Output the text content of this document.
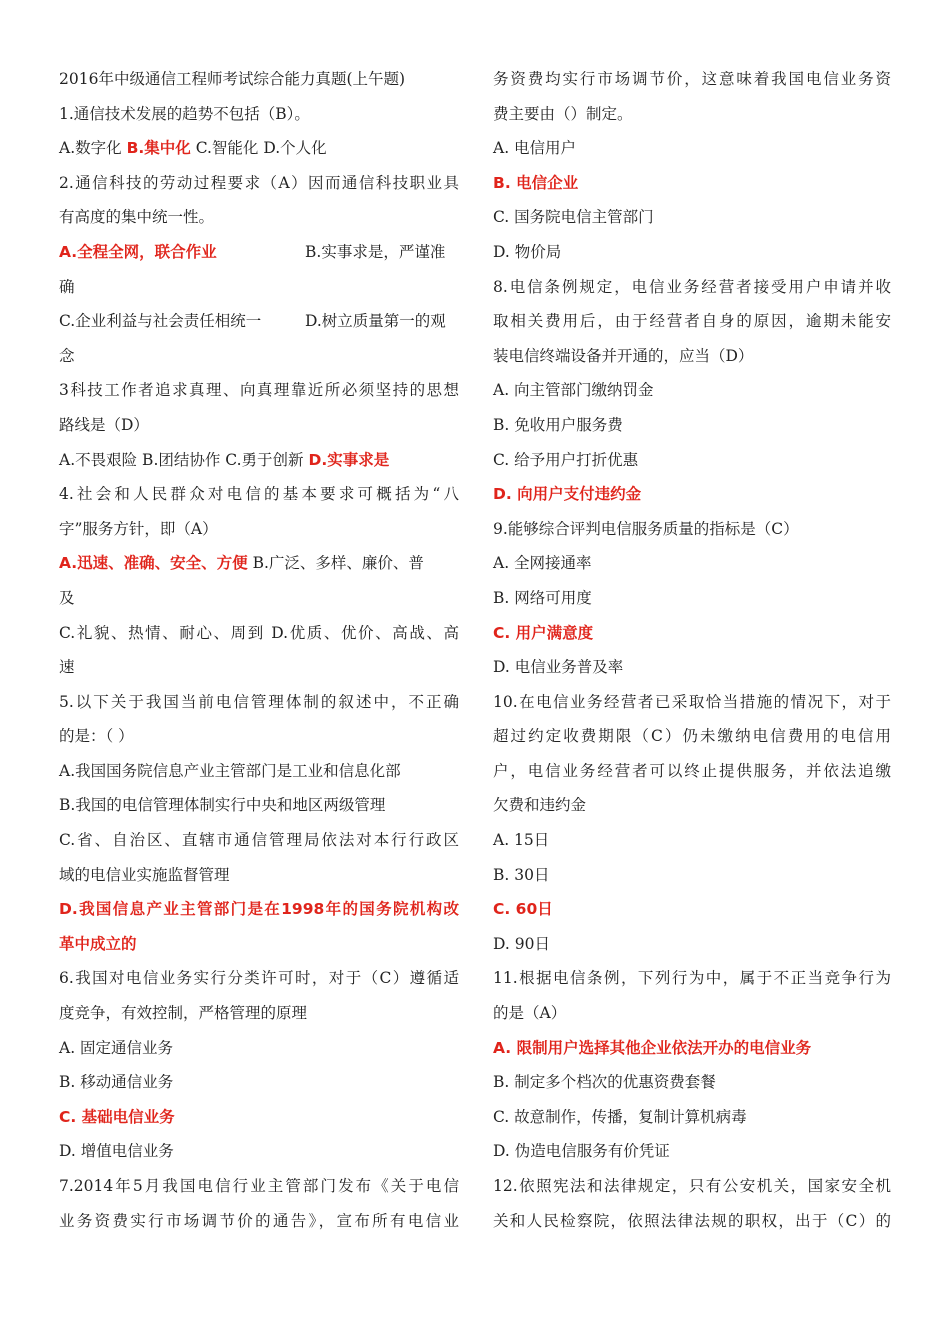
2016年中级通信工程师考试综合能力真题(上午题)
1.通信技术发展的趋势不包括（B）。
A.数字化 B.集中化 C.智能化 D.个人化
2.通信科技的劳动过程要求（A）因而通信科技职业具
有高度的集中统一性。
A.全程全网，联合作业	B.实事求是，严谨准
确
C.企业利益与社会责任相统一	D.树立质量第一的观
念
3科技工作者追求真理、向真理靠近所必须坚持的思想
路线是（D）
A.不畏艰险 B.团结协作 C.勇于创新 D.实事求是
4.社会和人民群众对电信的基本要求可概括为“八
字”服务方针，即（A）
A.迅速、准确、安全、方便 B.广泛、多样、廉价、普
及
C.礼貌、热情、耐心、周到 D.优质、优价、高战、高
速
5.以下关于我国当前电信管理体制的叙述中，不正确
的是：（ ）
A.我国国务院信息产业主管部门是工业和信息化部
B.我国的电信管理体制实行中央和地区两级管理
C.省、自治区、直辖市通信管理局依法对本行行政区
域的电信业实施监督管理
D.我国信息产业主管部门是在1998年的国务院机构改
革中成立的
6.我国对电信业务实行分类许可时，对于（C）遵循适
度竞争，有效控制，严格管理的原理
A. 固定通信业务
B. 移动通信业务
C. 基础电信业务
D. 增值电信业务
7.2014年5月我国电信行业主管部门发布《关于电信
业务资费实行市场调节价的通告》，宣布所有电信业
务资费均实行市场调节价，这意味着我国电信业务资
费主要由（）制定。
A. 电信用户
B. 电信企业
C. 国务院电信主管部门
D. 物价局
8.电信条例规定，电信业务经营者接受用户申请并收
取相关费用后，由于经营者自身的原因，逾期未能安
装电信终端设备并开通的，应当（D）
A. 向主管部门缴纳罚金
B. 免收用户服务费
C. 给予用户打折优惠
D. 向用户支付违约金
9.能够综合评判电信服务质量的指标是（C）
A. 全网接通率
B. 网络可用度
C. 用户满意度
D. 电信业务普及率
10.在电信业务经营者已采取恰当措施的情况下，对于
超过约定收费期限（C）仍未缴纳电信费用的电信用
户，电信业务经营者可以终止提供服务，并依法追缴
欠费和违约金
A. 15日
B. 30日
C. 60日
D. 90日
11.根据电信条例，下列行为中，属于不正当竞争行为
的是（A）
A. 限制用户选择其他企业依法开办的电信业务
B. 制定多个档次的优惠资费套餐
C. 故意制作，传播，复制计算机病毒
D. 伪造电信服务有价凭证
12.依照宪法和法律规定，只有公安机关，国家安全机
关和人民检察院，依照法律法规的职权，出于（C）的
